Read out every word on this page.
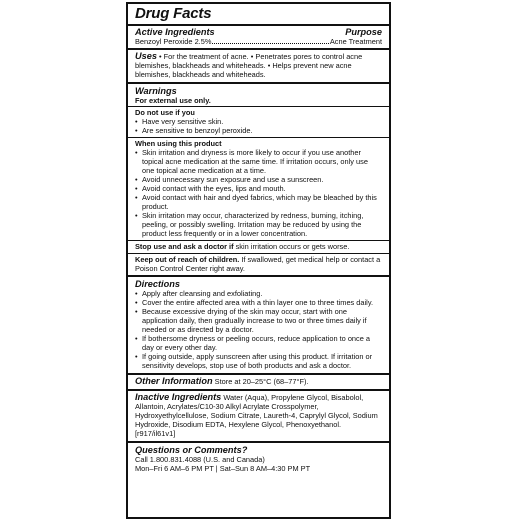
Drug Facts
Active Ingredients	Purpose
Benzoyl Peroxide 2.5%	Acne Treatment
Uses • For the treatment of acne. • Penetrates pores to control acne blemishes, blackheads and whiteheads. • Helps prevent new acne blemishes, blackheads and whiteheads.
Warnings
For external use only.
Do not use if you
• Have very sensitive skin.
• Are sensitive to benzoyl peroxide.
When using this product
• Skin irritation and dryness is more likely to occur if you use another topical acne medication at the same time. If irritation occurs, only use one topical acne medication at a time.
• Avoid unnecessary sun exposure and use a sunscreen.
• Avoid contact with the eyes, lips and mouth.
• Avoid contact with hair and dyed fabrics, which may be bleached by this product.
• Skin irritation may occur, characterized by redness, burning, itching, peeling, or possibly swelling. Irritation may be reduced by using the product less frequently or in a lower concentration.
Stop use and ask a doctor if skin irritation occurs or gets worse.
Keep out of reach of children. If swallowed, get medical help or contact a Poison Control Center right away.
Directions
• Apply after cleansing and exfoliating.
• Cover the entire affected area with a thin layer one to three times daily.
• Because excessive drying of the skin may occur, start with one application daily, then gradually increase to two or three times daily if needed or as directed by a doctor.
• If bothersome dryness or peeling occurs, reduce application to once a day or every other day.
• If going outside, apply sunscreen after using this product. If irritation or sensitivity develops, stop use of both products and ask a doctor.
Other Information Store at 20–25°C (68–77°F).
Inactive Ingredients Water (Aqua), Propylene Glycol, Bisabolol, Allantoin, Acrylates/C10-30 Alkyl Acrylate Crosspolymer, Hydroxyethylcellulose, Sodium Citrate, Laureth-4, Caprylyl Glycol, Sodium Hydroxide, Disodium EDTA, Hexylene Glycol, Phenoxyethanol. [r917/il61v1]
Questions or Comments?
Call 1.800.831.4088 (U.S. and Canada)
Mon–Fri 6 AM–6 PM PT | Sat–Sun 8 AM–4:30 PM PT
